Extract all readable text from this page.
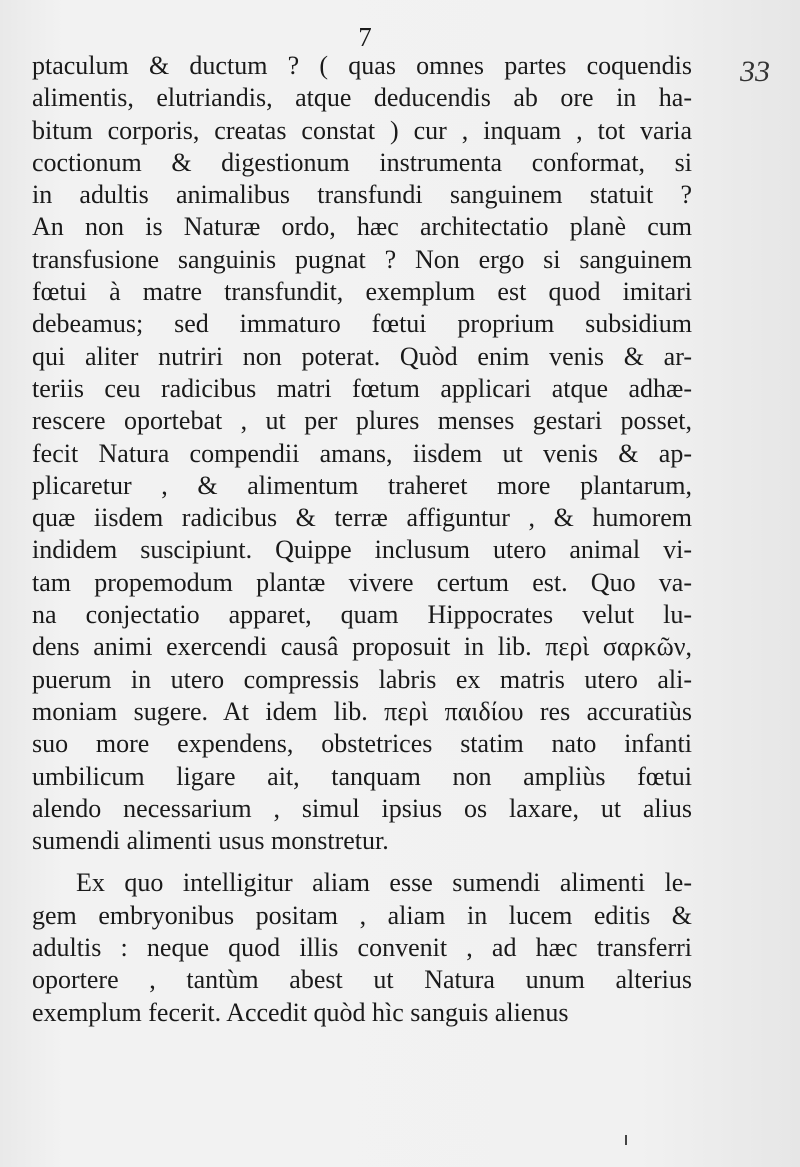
7
33
ptaculum & ductum ? ( quas omnes partes coquendis
alimentis, elutriandis, atque deducendis ab ore in ha-
bitum corporis, creatas constat ) cur , inquam , tot varia
coctionum & digestionum instrumenta conformat, si
in adultis animalibus transfundi sanguinem statuit ?
An non is Naturæ ordo, hæc architectatio planè cum
transfusione sanguinis pugnat ? Non ergo si sanguinem
fœtui à matre transfundit, exemplum est quod imitari
debeamus; sed immaturo fœtui proprium subsidium
qui aliter nutriri non poterat. Quòd enim venis & ar-
teriis ceu radicibus matri fœtum applicari atque adhæ-
rescere oportebat , ut per plures menses gestari posset,
fecit Natura compendii amans, iisdem ut venis & ap-
plicaretur , & alimentum traheret more plantarum,
quæ iisdem radicibus & terræ affiguntur , & humorem
indidem suscipiunt. Quippe inclusum utero animal vi-
tam propemodum plantæ vivere certum est. Quo va-
na conjectatio apparet, quam Hippocrates velut lu-
dens animi exercendi causâ proposuit in lib. περὶ σαρκῶν,
puerum in utero compressis labris ex matris utero ali-
moniam sugere. At idem lib. περὶ παιδίου res accuratiùs
suo more expendens, obstetrices statim nato infanti
umbilicum ligare ait, tanquam non ampliùs fœtui
alendo necessarium , simul ipsius os laxare, ut alius
sumendi alimenti usus monstretur.
Ex quo intelligitur aliam esse sumendi alimenti le-
gem embryonibus positam , aliam in lucem editis &
adultis : neque quod illis convenit , ad hæc transferri
oportere , tantùm abest ut Natura unum alterius
exemplum fecerit. Accedit quòd hìc sanguis alienus
